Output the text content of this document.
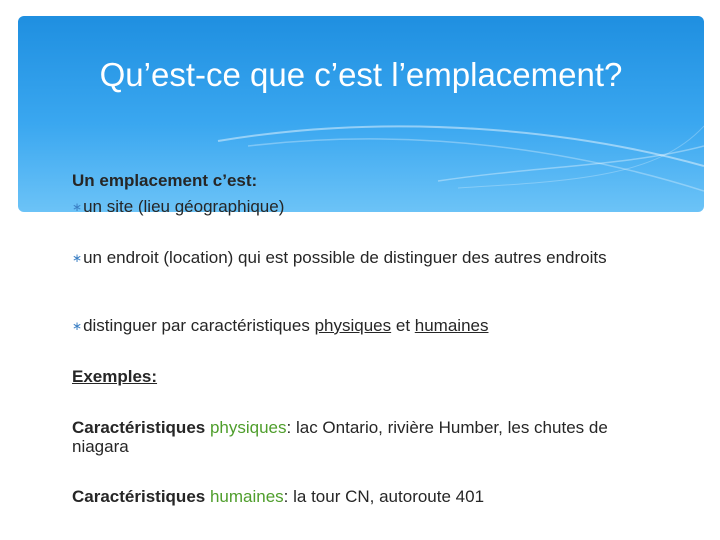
Qu’est-ce que c’est l’emplacement?
Un emplacement c’est:
∗un site (lieu géographique)
∗un endroit (location) qui est possible de distinguer des autres endroits
∗distinguer par caractéristiques physiques et humaines
Exemples:
Caractéristiques physiques: lac Ontario, rivière Humber, les chutes de niagara
Caractéristiques humaines: la tour CN, autoroute 401
